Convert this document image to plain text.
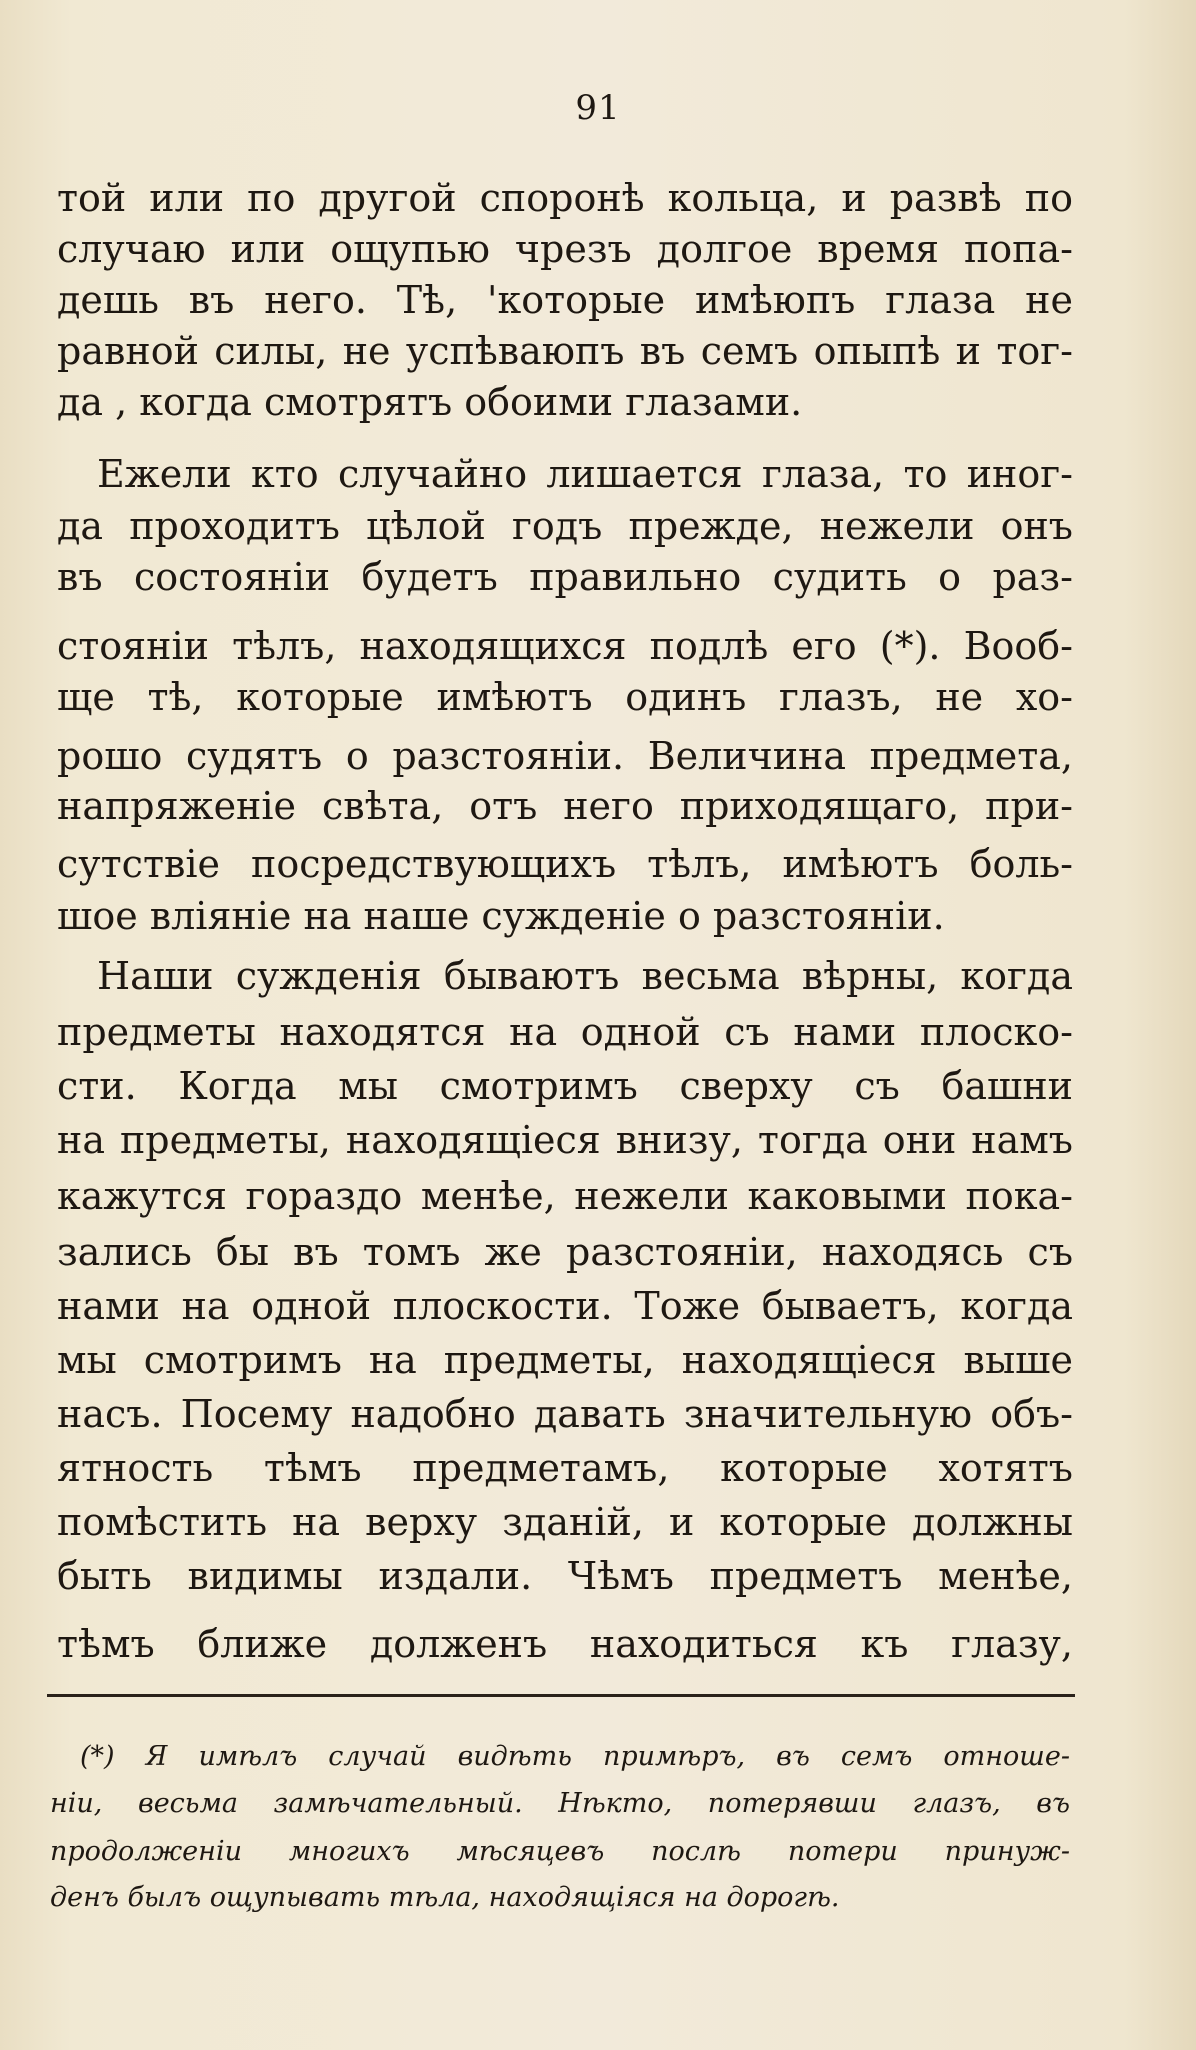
91
той или по другой споронѣ кольца, и развѣ по
случаю или ощупью чрезъ долгое время попа-
дешь въ него. Тѣ, 'которые имѣюпъ глаза не
равной силы, не успѣваюпъ въ семъ опыпѣ и тог-
да , когда смотрятъ обоими глазами.
Ежели кто случайно лишается глаза, то иног-
да проходитъ цѣлой годъ прежде, нежели онъ
въ состоянiи будетъ правильно судить о раз-
стоянiи тѣлъ, находящихся подлѣ его (*). Вооб-
ще тѣ, которые имѣютъ одинъ глазъ, не хо-
рошо судятъ о разстоянiи. Величина предмета,
напряженiе свѣта, отъ него приходящаго, при-
сутствiе посредствующихъ тѣлъ, имѣютъ боль-
шое влiянiе на наше сужденiе о разстоянiи.
Наши сужденiя бываютъ весьма вѣрны, когда
предметы находятся на одной съ нами плоско-
сти. Когда мы смотримъ сверху съ башни
на предметы, находящiеся внизу, тогда они намъ
кажутся гораздо менѣе, нежели каковыми пока-
зались бы въ томъ же разстоянiи, находясь съ
нами на одной плоскости. Тоже бываетъ, когда
мы смотримъ на предметы, находящiеся выше
насъ. Посему надобно давать значительную объ-
ятность тѣмъ предметамъ, которые хотятъ
помѣстить на верху зданiй, и которые должны
быть видимы издали. Чѣмъ предметъ менѣе,
тѣмъ ближе долженъ находиться къ глазу,
(*) Я имѣлъ случай видѣть примѣръ, въ семъ отноше-
нiи, весьма замѣчательный. Нѣкто, потерявши глазъ, въ
продолженiи многихъ мѣсяцевъ послѣ потери принуж-
денъ былъ ощупывать тѣла, находящiяся на дорогѣ.
